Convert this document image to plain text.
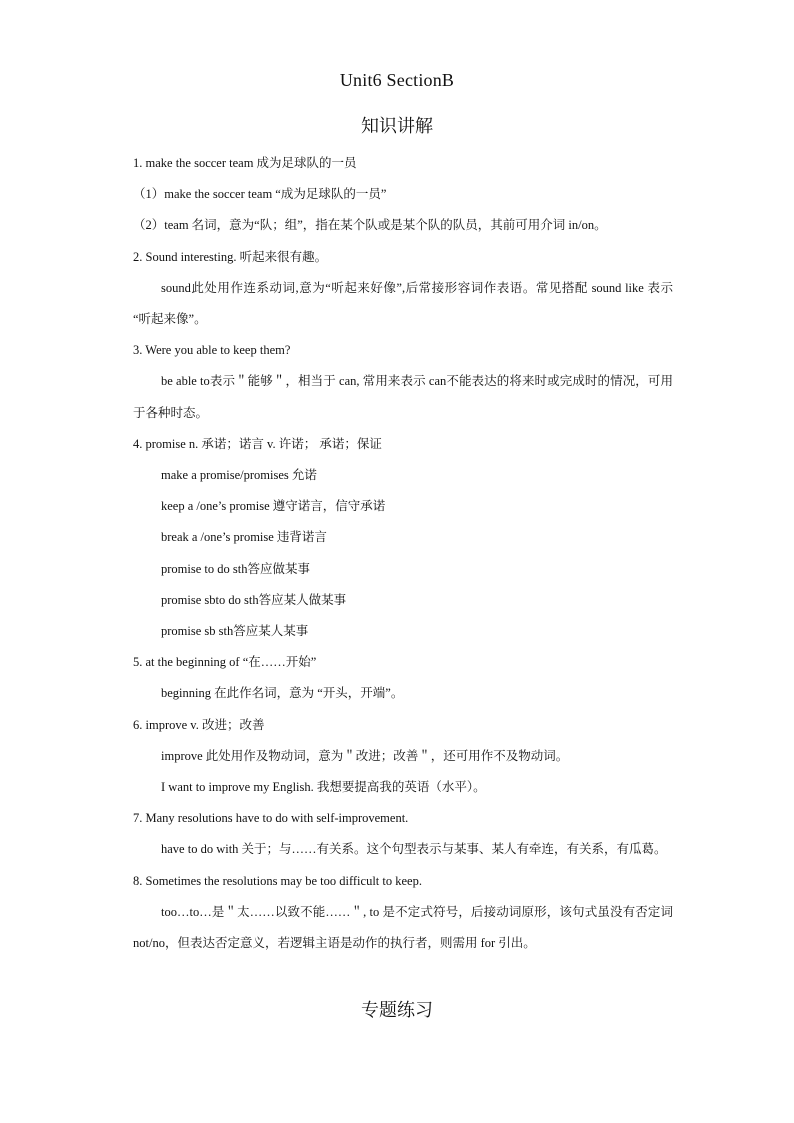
Unit6 SectionB
知识讲解
1. make the soccer team 成为足球队的一员
（1）make the soccer team “成为足球队的一员”
（2）team 名词，意为“队；组”，指在某个队或是某个队的队员，其前可用介词 in/on。
2. Sound interesting. 听起来很有趣。
sound此处用作连系动词,意为“听起来好像”,后常接形容词作表语。常见搭配 sound like 表示 “听起来像”。
3. Were you able to keep them?
be able to表示＂能够＂，相当于 can, 常用来表示 can不能表达的将来时或完成时的情况，可用于各种时态。
4. promise n. 承诺；诺言 v. 许诺； 承诺；保证
make a promise/promises 允诺
keep a /one’s promise 遵守诺言，信守承诺
break a /one’s promise 违背诺言
promise to do sth答应做某事
promise sbto do sth答应某人做某事
promise sb sth答应某人某事
5. at the beginning of “在……开始”
beginning 在此作名词，意为 “开头，开端”。
6. improve v. 改进；改善
improve 此处用作及物动词，意为＂改进；改善＂，还可用作不及物动词。
I want to improve my English. 我想要提高我的英语（水平）。
7. Many resolutions have to do with self-improvement.
have to do with 关于；与……有关系。这个句型表示与某事、某人有牵连，有关系，有瓜葛。
8. Sometimes the resolutions may be too difficult to keep.
too…to…是＂太……以致不能……＂, to 是不定式符号，后接动词原形，该句式虽没有否定词 not/no，但表达否定意义，若逻辑主语是动作的执行者，则需用 for 引出。
专题练习
